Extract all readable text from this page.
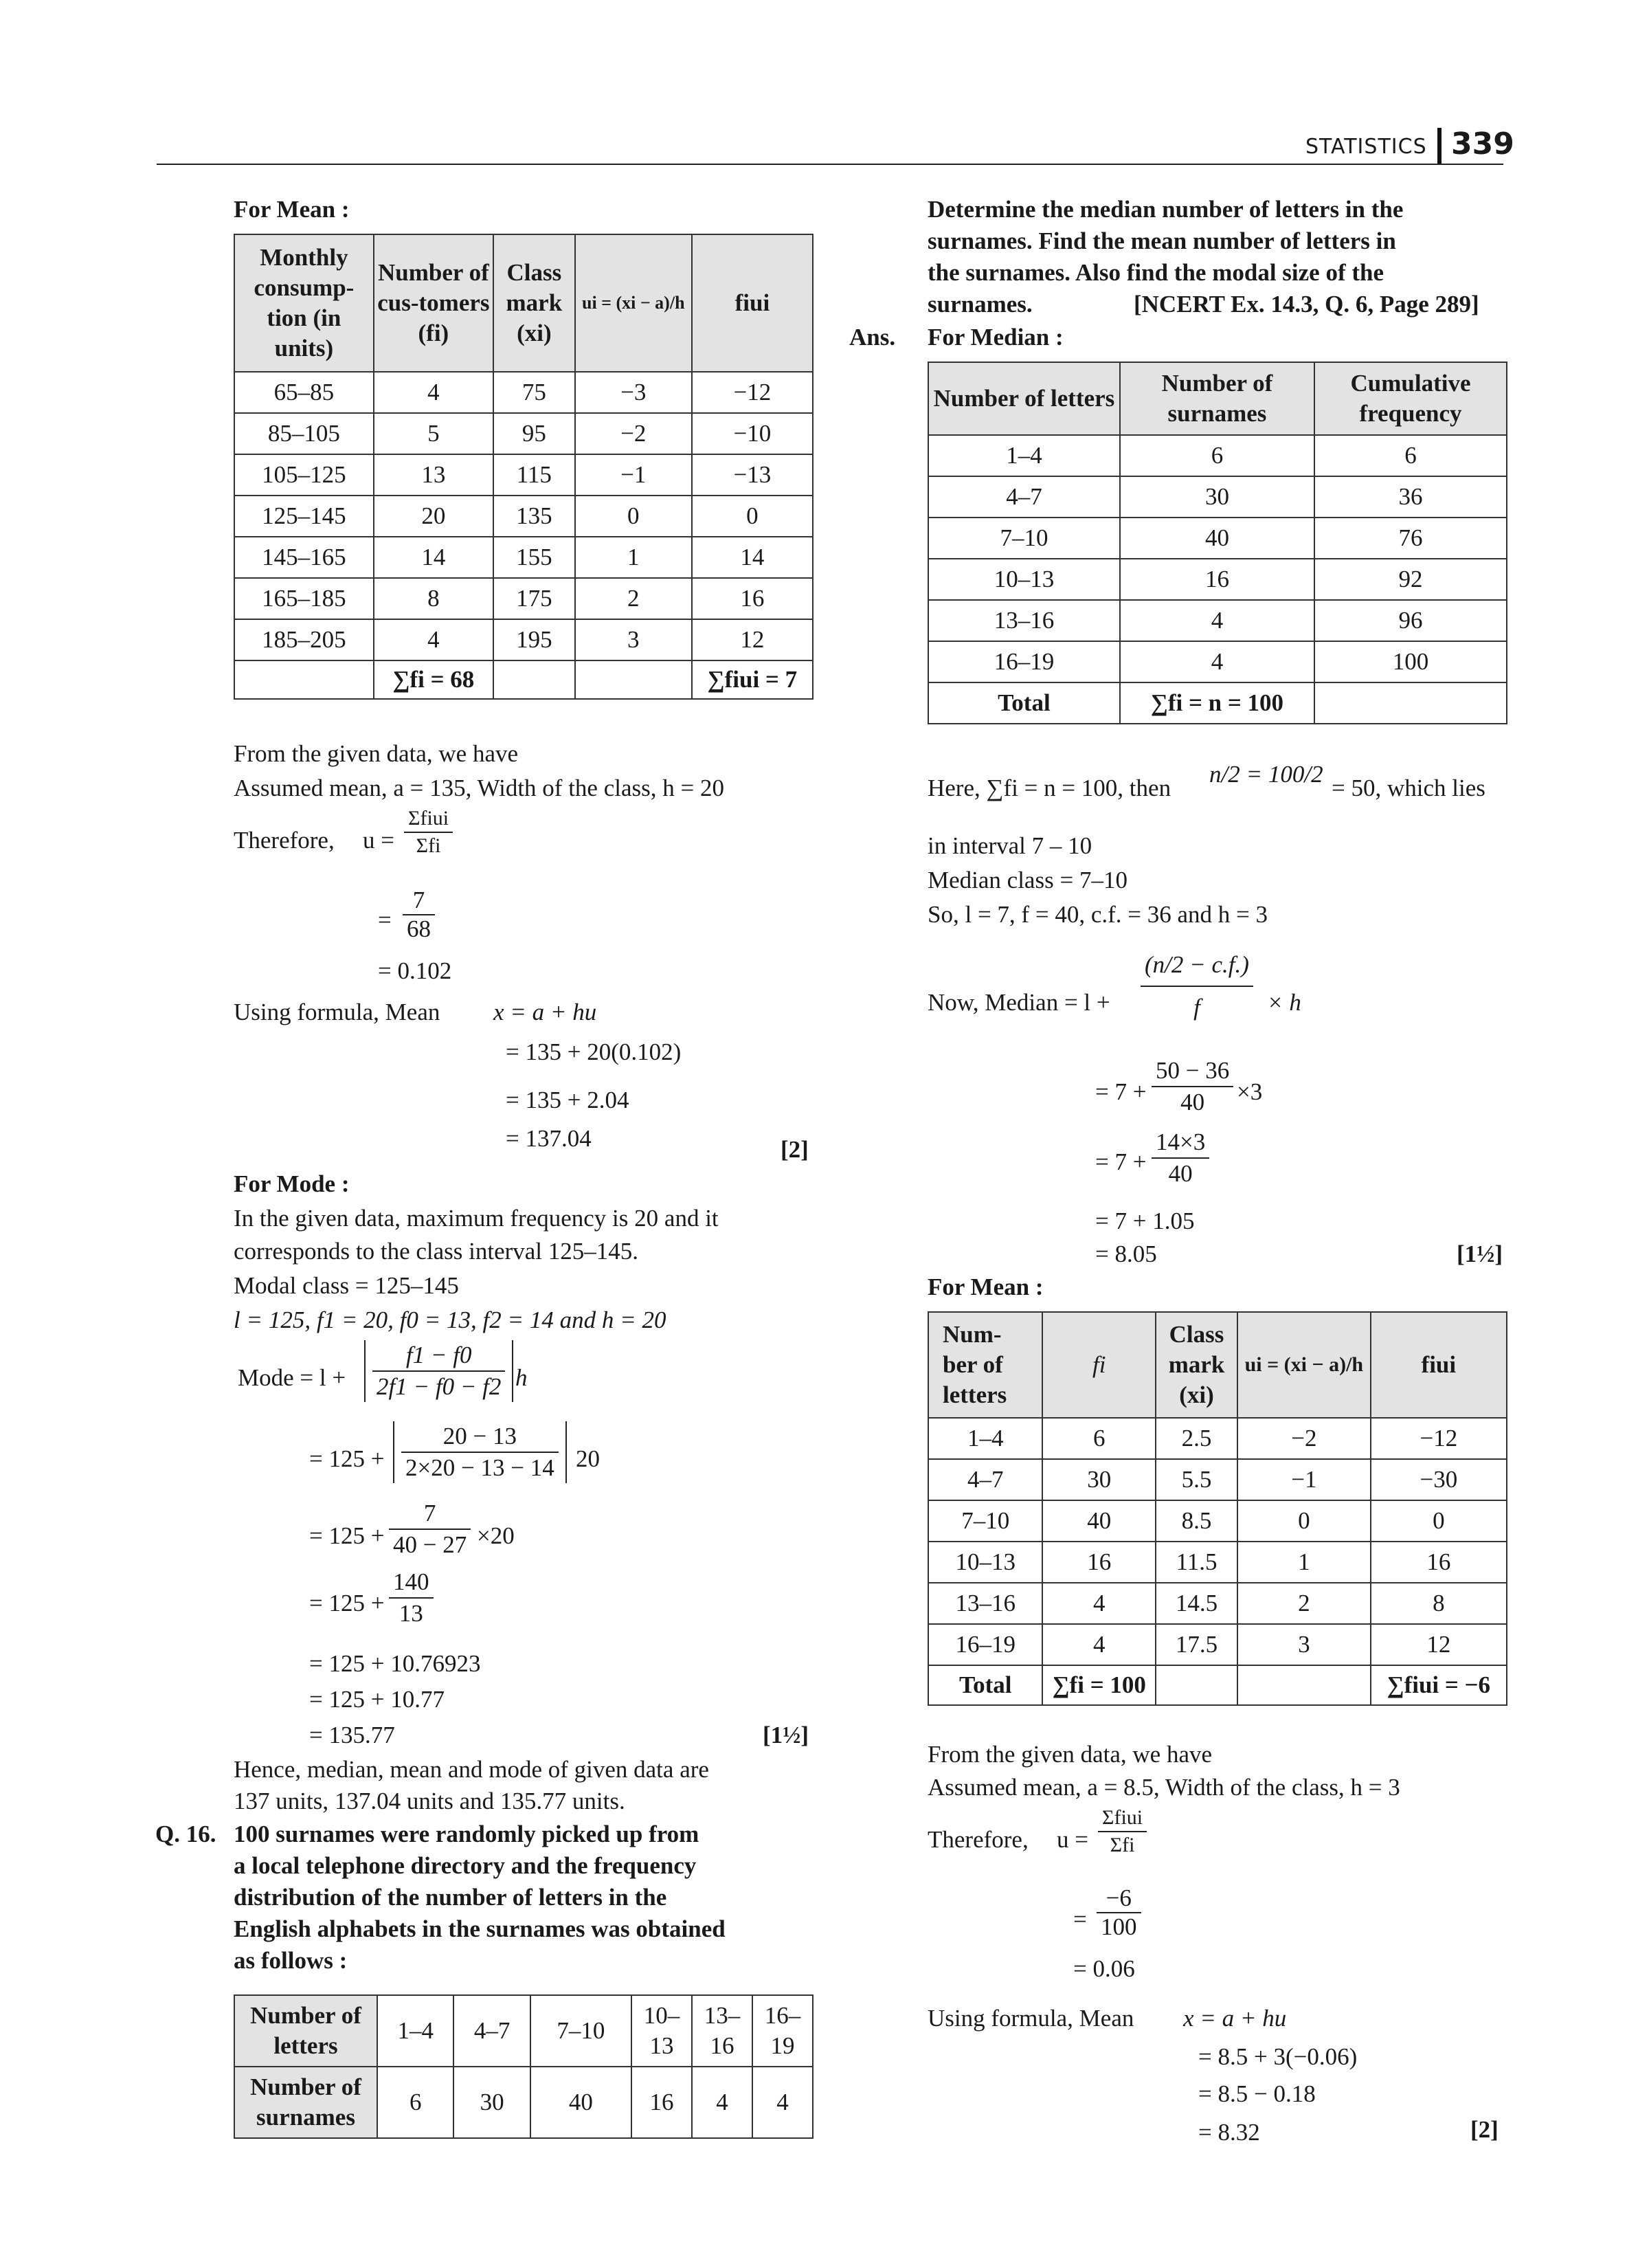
STATISTICS 339
For Mean :
Monthly consump-tion (in units)	Number of cus-tomers (fi)	Class mark (xi)	ui = (xi − a)/h	fiui
65–85	4	75	−3	−12
85–105	5	95	−2	−10
105–125	13	115	−1	−13
125–145	20	135	0	0
145–165	14	155	1	14
165–185	8	175	2	16
185–205	4	195	3	12
	∑fi = 68			∑fiui = 7
From the given data, we have
Assumed mean, a = 135, Width of the class, h = 20
Therefore, $u = \frac{\text{Σfiui}}{\text{Σfi}}$
= $\frac{7}{68}$
= 0.102
Using formula, Mean x = a + hu
= 135 + 20(0.102)
= 135 + 2.04
= 137.04	[2]
For Mode :
In the given data, maximum frequency is 20 and it
corresponds to the class interval 125–145.
Modal class = 125–145
l = 125, f1 = 20, f0 = 13, f2 = 14 and h = 20
Mode = $l + \frac{f1 - f0}{2f1 - f0 - f2}$ h
= $125 + \frac{20 - 13}{2\times 20 - 13 - 14} 20$
= $125 + \frac{7}{40 - 27} \times 20$
= $125 + \frac{140}{13}$
= 125 + 10.76923
= 125 + 10.77
= 135.77	[1½]
Hence, median, mean and mode of given data are
137 units, 137.04 units and 135.77 units.
Q. 16. 100 surnames were randomly picked up from
a local telephone directory and the frequency
distribution of the number of letters in the
English alphabets in the surnames was obtained
as follows :
Number of letters	1–4	4–7	7–10	10– 13	13– 16	16– 19
Number of surnames	6	30	40	16	4	4
Determine the median number of letters in the
surnames. Find the mean number of letters in
the surnames. Also find the modal size of the
surnames.	[NCERT Ex. 14.3, Q. 6, Page 289]
Ans. For Median :
Number of letters	Number of surnames	Cumulative frequency
1–4	6	6
4–7	30	36
7–10	40	76
10–13	16	92
13–16	4	96
16–19	4	100
Total	∑fi = n = 100	
Here, ∑fi = n = 100, then
n/2 = 100/2
= 50, which lies
in interval 7 – 10
Median class = 7–10
So, l = 7, f = 40, c.f. = 36 and h = 3
Now, Median = $l + \frac{(n/2 - c.f.)}{f} \times h$
= $7 + \frac{50 - 36}{40} \times 3$
= $7 + \frac{14\times 3}{40}$
= 7 + 1.05
= 8.05	[1½]
For Mean :
Num- ber of letters	fi	Class mark (xi)	ui = (xi − a)/h	fiui
1–4	6	2.5	−2	−12
4–7	30	5.5	−1	−30
7–10	40	8.5	0	0
10–13	16	11.5	1	16
13–16	4	14.5	2	8
16–19	4	17.5	3	12
Total	∑fi = 100			∑fiui = −6
From the given data, we have
Assumed mean, a = 8.5, Width of the class, h = 3
Therefore, $u = \frac{\text{Σfiui}}{\text{Σfi}}$
= $\frac{-6}{100}$
= 0.06
Using formula, Mean x = a + hu
= 8.5 + 3(−0.06)
= 8.5 − 0.18
= 8.32	[2]
